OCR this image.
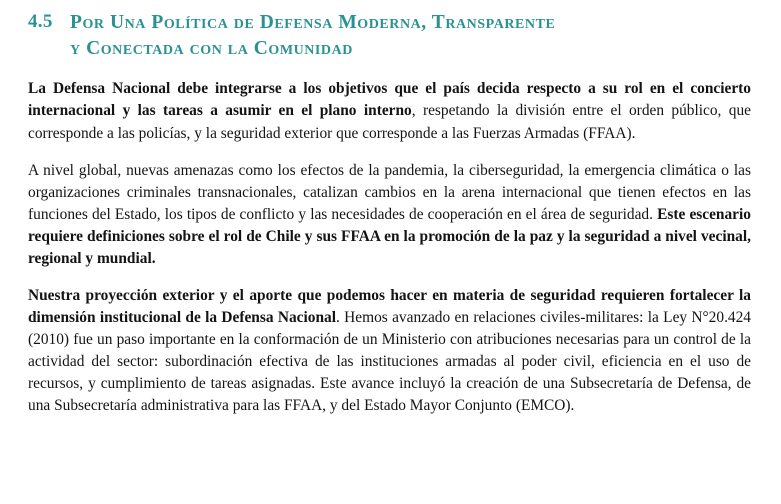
4.5 Por Una Política de Defensa Moderna, Transparente
y Conectada con la Comunidad

La Defensa Nacional debe integrarse a los objetivos que el país decida respecto a su rol en el concierto internacional y las tareas a asumir en el plano interno, respetando la división entre el orden público, que corresponde a las policías, y la seguridad exterior que corresponde a las Fuerzas Armadas (FFAA).

A nivel global, nuevas amenazas como los efectos de la pandemia, la ciberseguridad, la emergencia climática o las organizaciones criminales transnacionales, catalizan cambios en la arena internacional que tienen efectos en las funciones del Estado, los tipos de conflicto y las necesidades de cooperación en el área de seguridad. Este escenario requiere definiciones sobre el rol de Chile y sus FFAA en la promoción de la paz y la seguridad a nivel vecinal, regional y mundial.

Nuestra proyección exterior y el aporte que podemos hacer en materia de seguridad requieren fortalecer la dimensión institucional de la Defensa Nacional. Hemos avanzado en relaciones civiles-militares: la Ley N°20.424 (2010) fue un paso importante en la conformación de un Ministerio con atribuciones necesarias para un control de la actividad del sector: subordinación efectiva de las instituciones armadas al poder civil, eficiencia en el uso de recursos, y cumplimiento de tareas asignadas. Este avance incluyó la creación de una Subsecretaría de Defensa, de una Subsecretaría administrativa para las FFAA, y del Estado Mayor Conjunto (EMCO).
